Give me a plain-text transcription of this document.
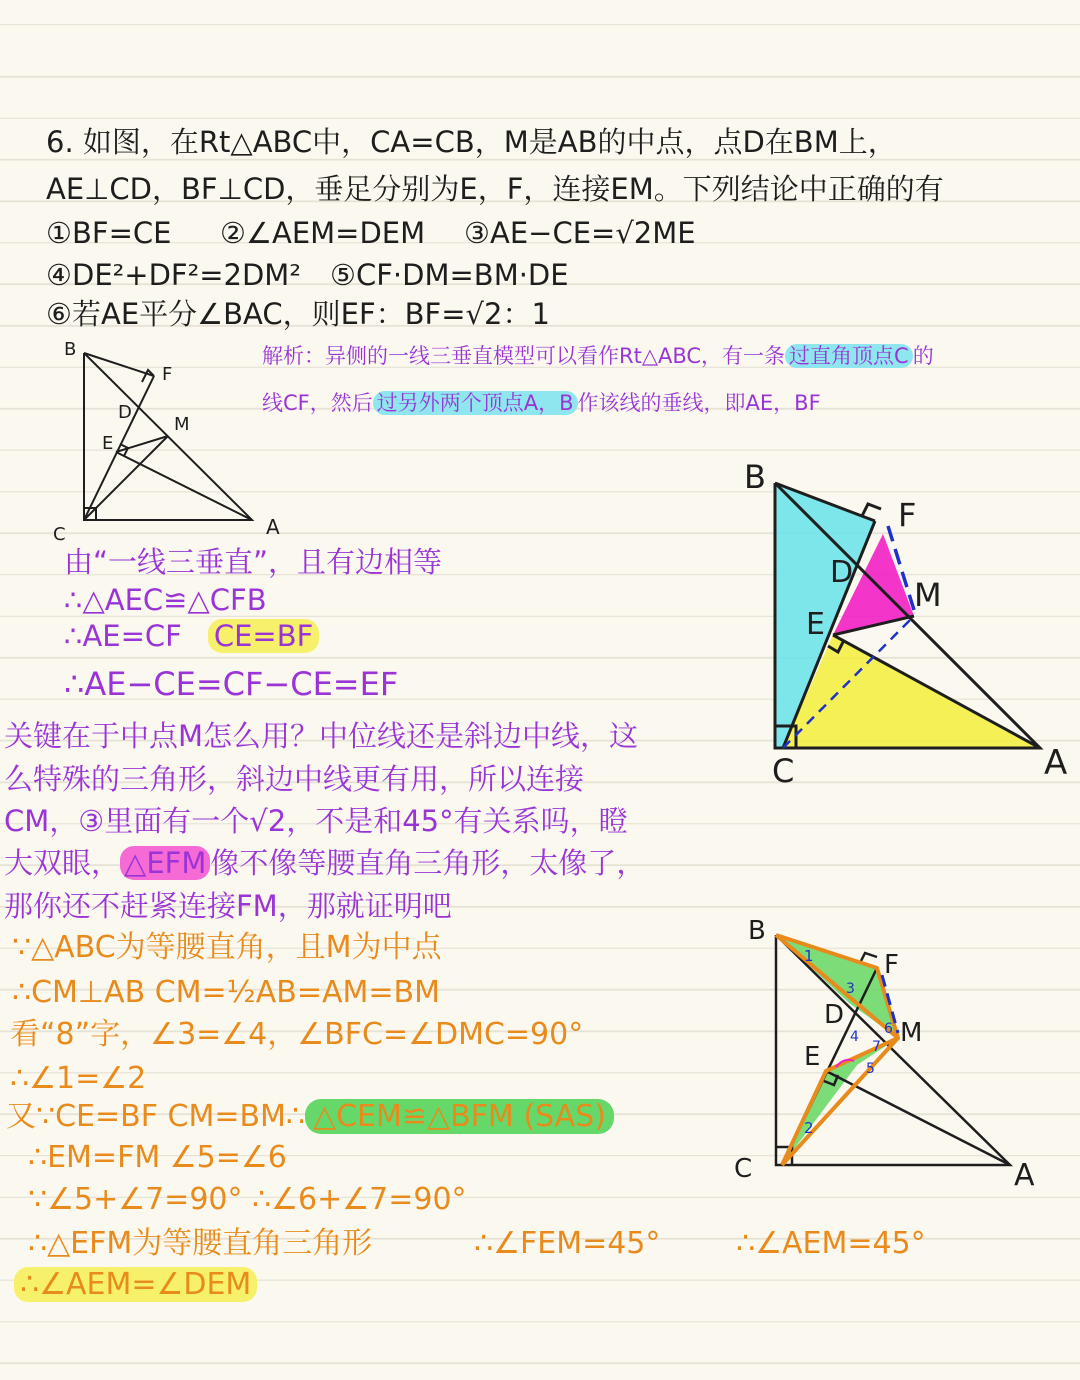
6. 如图，在Rt△ABC中，CA=CB，M是AB的中点，点D在BM上，
AE⊥CD，BF⊥CD，垂足分别为E，F，连接EM。下列结论中正确的有
①BF=CE ②∠AEM=DEM ③AE−CE=√2ME
④DE²+DF²=2DM² ⑤CF·DM=BM·DE
⑥若AE平分∠BAC，则EF：BF=√2：1
B
F
D
M
E
C	A
解析：异侧的一线三垂直模型可以看作Rt△ABC，有一条 过直角顶点C 的
线CF，然后 过另外两个顶点A，B 作该线的垂线，即AE，BF
由“一线三垂直”，且有边相等
∴△AEC≌△CFB
∴AE=CF CE=BF
∴AE−CE=CF−CE=EF
关键在于中点M怎么用？中位线还是斜边中线，这
么特殊的三角形，斜边中线更有用，所以连接
CM，③里面有一个√2，不是和45°有关系吗，瞪
大双眼， △EFM 像不像等腰直角三角形，太像了，
那你还不赶紧连接FM，那就证明吧
∵△ABC为等腰直角，且M为中点
∴CM⊥AB CM=½AB=AM=BM
看“8”字，∠3=∠4，∠BFC=∠DMC=90°
∴∠1=∠2
又∵CE=BF CM=BM∴ △CEM≌△BFM (SAS)
∴EM=FM ∠5=∠6
∵∠5+∠7=90° ∴∠6+∠7=90°
∴△EFM为等腰直角三角形	∴∠FEM=45°	∴∠AEM=45°
∴∠AEM=∠DEM
B
F
D
M
E
C	A
B
F
D
M
E
C	A
1
2
3
4
5
6
7
